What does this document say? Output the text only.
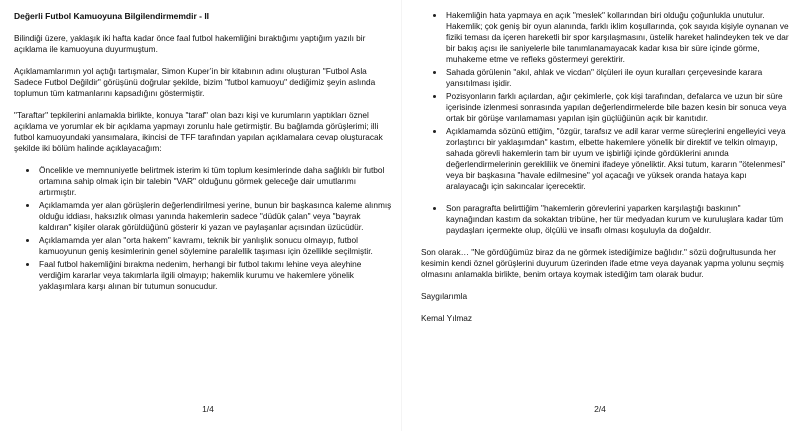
Değerli Futbol Kamuoyuna Bilgilendirmemdir - II

Bilindiği üzere, yaklaşık iki hafta kadar önce faal futbol hakemliğini bıraktığımı yaptığım yazılı bir açıklama ile kamuoyuna duyurmuştum.

Açıklamamlarımın yol açtığı tartışmalar, Simon Kuper’in bir kitabının adını oluşturan "Futbol Asla Sadece Futbol Değildir" görüşünü doğrular şekilde, bizim "futbol kamuoyu" dediğimiz şeyin aslında toplumun tüm katmanlarını kapsadığını göstermiştir.

"Taraftar" tepkilerini anlamakla birlikte, konuya "taraf" olan bazı kişi ve kurumların yaptıkları öznel açıklama ve yorumlar ek bir açıklama yapmayı zorunlu hale getirmiştir. Bu bağlamda görüşlerimi; illi futbol kamuoyundaki yansımalara, ikincisi de TFF tarafından yapılan açıklamalara cevap oluşturacak şekilde iki bölüm halinde açıklayacağım:

Öncelikle ve memnuniyetle belirtmek isterim ki tüm toplum kesimlerinde daha sağlıklı bir futbol ortamına sahip olmak için bir talebin "VAR" olduğunu görmek geleceğe dair umutlarımı artırmıştır.
Açıklamamda yer alan görüşlerin değerlendirilmesi yerine, bunun bir başkasınca kaleme alınmış olduğu iddiası, haksızlık olması yanında hakemlerin sadece "düdük çalan" veya "bayrak kaldıran" kişiler olarak görüldüğünü gösterir ki yazan ve paylaşanlar açısından üzücüdür.
Açıklamamda yer alan "orta hakem" kavramı, teknik bir yanlışlık sonucu olmayıp, futbol kamuoyunun geniş kesimlerinin genel söylemine paralellik taşıması için özellikle seçilmiştir.
Faal futbol hakemliğini bırakma nedenim, herhangi bir futbol takımı lehine veya aleyhine verdiğim kararlar veya takımlarla ilgili olmayıp; hakemlik kurumu ve hakemlere yönelik yaklaşımlara karşı alınan bir tutumun sonucudur.
1/4
Hakemliğin hata yapmaya en açık "meslek" kollarından biri olduğu çoğunlukla unutulur. Hakemlik; çok geniş bir oyun alanında, farklı iklim koşullarında, çok sayıda kişiyle oynanan ve fiziki teması da içeren hareketli bir spor karşılaşmasını, üstelik hareket halindeyken tek ve dar bir bakış açısı ile saniyelerle bile tanımlanamayacak kadar kısa bir süre içinde görme, muhakeme etme ve refleks göstermeyi gerektirir.
Sahada görülenin "akıl, ahlak ve vicdan" ölçüleri ile oyun kuralları çerçevesinde karara yansıtılması işidir.
Pozisyonların farklı açılardan, ağır çekimlerle, çok kişi tarafından, defalarca ve uzun bir süre içerisinde izlenmesi sonrasında yapılan değerlendirmelerde bile bazen kesin bir sonuca veya ortak bir görüşe varılamaması yapılan işin güçlüğünün açık bir kanıtıdır.
Açıklamamda sözünü ettiğim, "özgür, tarafsız ve adil karar verme süreçlerini engelleyici veya zorlaştırıcı bir yaklaşımdan" kastım, elbette hakemlere yönelik bir direktif ve telkin olmayıp, sahada görevli hakemlerin tam bir uyum ve işbirliği içinde gördüklerini anında değerlendirmelerinin gerekliliik ve önemini ifadeye yöneliktir. Aksi tutum, kararın "ötelenmesi" veya bir başkasına "havale edilmesine" yol açacağı ve yüksek oranda hataya kapı aralayacağı için sakıncalar içerecektir.
Son paragrafta belirttiğim "hakemlerin görevlerini yaparken karşılaştığı baskının" kaynağından kastım da sokaktan tribüne, her tür medyadan kurum ve kuruluşlara kadar tüm paydaşları içermekte olup, ölçülü ve insaflı olması koşuluyla da doğaldır.

Son olarak… "Ne gördüğümüz biraz da ne görmek istediğimize bağlıdır." sözü doğrultusunda her kesimin kendi öznel görüşlerini duyurum üzerinden ifade etme veya dayanak yapma yolunu seçmiş olmasını anlamakla birlikte, benim ortaya koymak istediğim tam olarak budur.

Saygılarımla

Kemal Yılmaz

2/4
